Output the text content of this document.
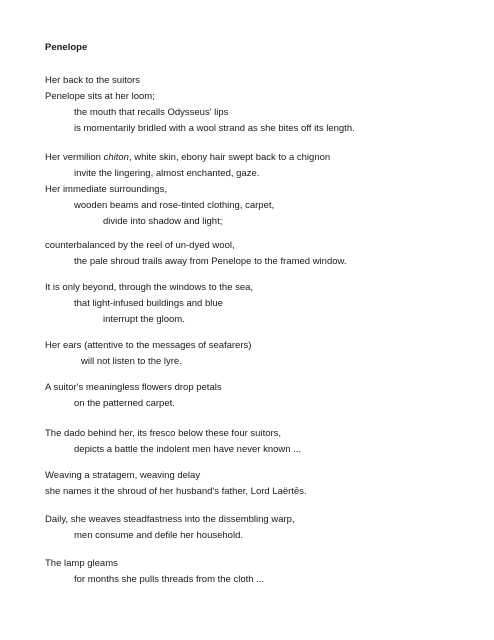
Penelope
Her back to the suitors
Penelope sits at her loom;
the mouth that recalls Odysseus' lips
is momentarily bridled with a wool strand as she bites off its length.
Her vermilion chiton, white skin, ebony hair swept back to a chignon
invite the lingering, almost enchanted, gaze.
Her immediate surroundings,
wooden beams and rose-tinted clothing, carpet,
divide into shadow and light;
counterbalanced by the reel of un-dyed wool,
the pale shroud trails away from Penelope to the framed window.
It is only beyond, through the windows to the sea,
that light-infused buildings and blue
interrupt the gloom.
Her ears (attentive to the messages of seafarers)
will not listen to the lyre.
A suitor's meaningless flowers drop petals
on the patterned carpet.
The dado behind her, its fresco below these four suitors,
depicts a battle the indolent men have never known ...
Weaving a stratagem, weaving delay
she names it the shroud of her husband's father, Lord Laërtēs.
Daily, she weaves steadfastness into the dissembling warp,
men consume and defile her household.
The lamp gleams
for months she pulls threads from the cloth ...
